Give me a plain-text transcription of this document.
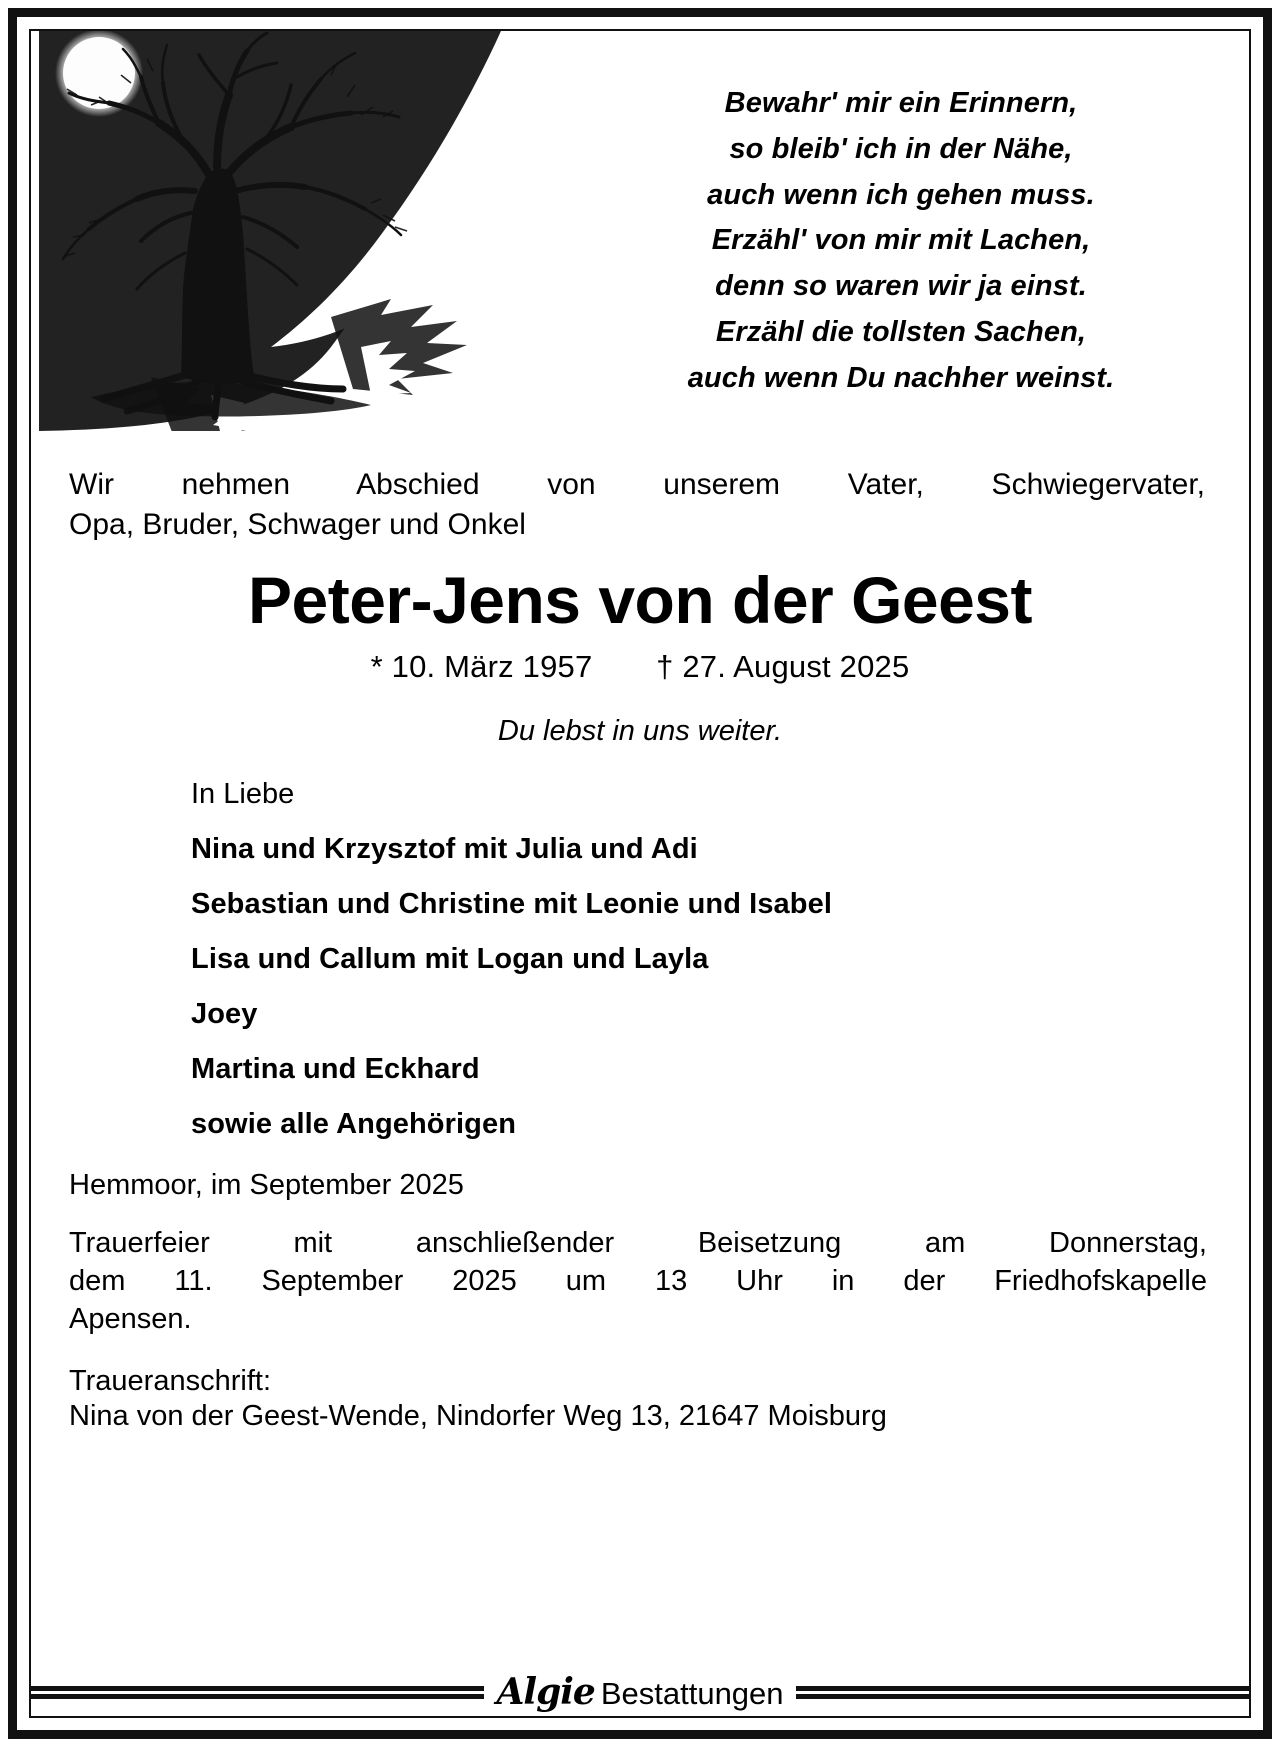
Bewahr' mir ein Erinnern,
so bleib' ich in der Nähe,
auch wenn ich gehen muss.
Erzähl' von mir mit Lachen,
denn so waren wir ja einst.
Erzähl die tollsten Sachen,
auch wenn Du nachher weinst.
Wir nehmen Abschied von unserem Vater, Schwiegervater,
Opa, Bruder, Schwager und Onkel
Peter-Jens von der Geest
* 10. März 1957 † 27. August 2025
Du lebst in uns weiter.
In Liebe
Nina und Krzysztof mit Julia und Adi
Sebastian und Christine mit Leonie und Isabel
Lisa und Callum mit Logan und Layla
Joey
Martina und Eckhard
sowie alle Angehörigen
Hemmoor, im September 2025
Trauerfeier mit anschließender Beisetzung am Donnerstag,
dem 11. September 2025 um 13 Uhr in der Friedhofskapelle
Apensen.
Traueranschrift:
Nina von der Geest-Wende, Nindorfer Weg 13, 21647 Moisburg
Algie Bestattungen
